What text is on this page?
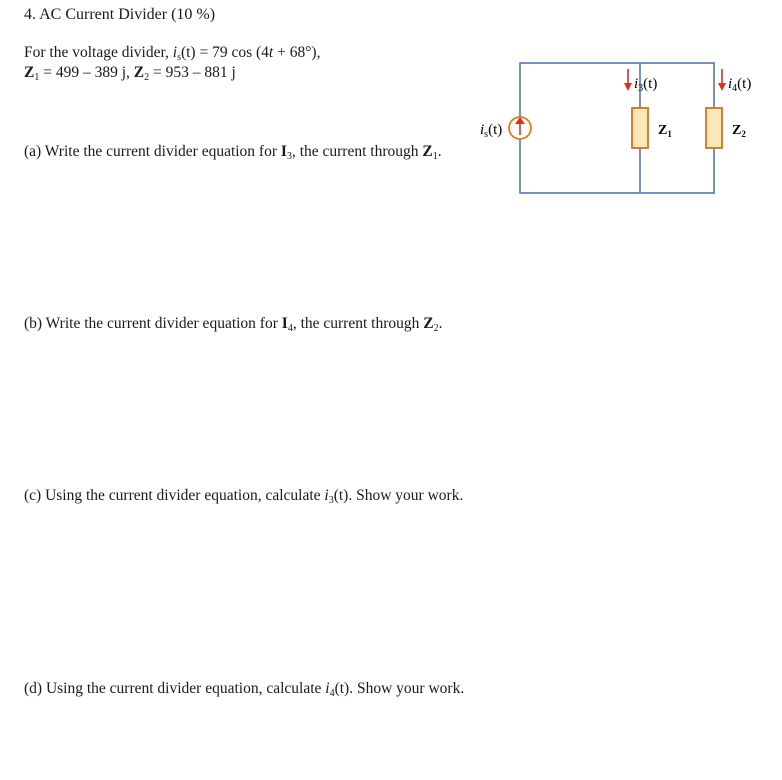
4. AC Current Divider (10 %)
For the voltage divider, $i_s(t) = 79$ cos (4t + 68°),
$Z_1 = 499 - 389$ j, $Z_2 = 953 - 881$ j
(a) Write the current divider equation for $I_3$, the current through $Z_1$.
(b) Write the current divider equation for $I_4$, the current through $Z_2$.
(c) Using the current divider equation, calculate $i_3(t)$. Show your work.
(d) Using the current divider equation, calculate $i_4(t)$. Show your work.
$i_s(t)$	$Z_1$	$Z_2$
$i_3(t)$	$i_4(t)$
